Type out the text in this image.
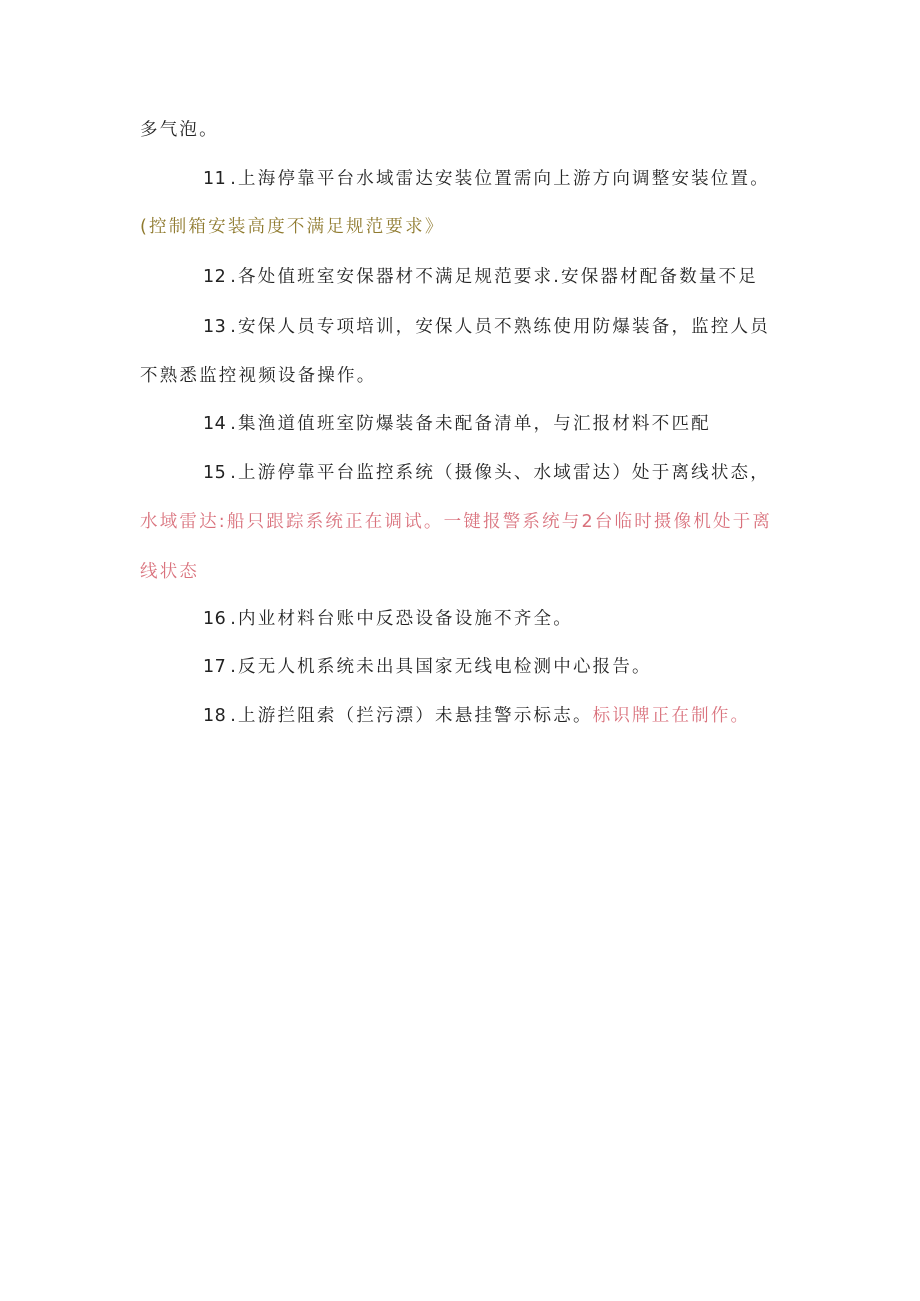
多气泡。
11 .上海停靠平台水域雷达安装位置需向上游方向调整安装位置。
(控制箱安装高度不满足规范要求》
12 .各处值班室安保器材不满足规范要求.安保器材配备数量不足
13 .安保人员专项培训，安保人员不熟练使用防爆装备，监控人员
不熟悉监控视频设备操作。
14 .集渔道值班室防爆装备未配备清单，与汇报材料不匹配
15 .上游停靠平台监控系统（摄像头、水域雷达）处于离线状态，
水域雷达:船只跟踪系统正在调试。一键报警系统与2台临时摄像机处于离
线状态
16 .内业材料台账中反恐设备设施不齐全。
17 .反无人机系统未出具国家无线电检测中心报告。
18 .上游拦阻索（拦污漂）未悬挂警示标志。标识牌正在制作。
